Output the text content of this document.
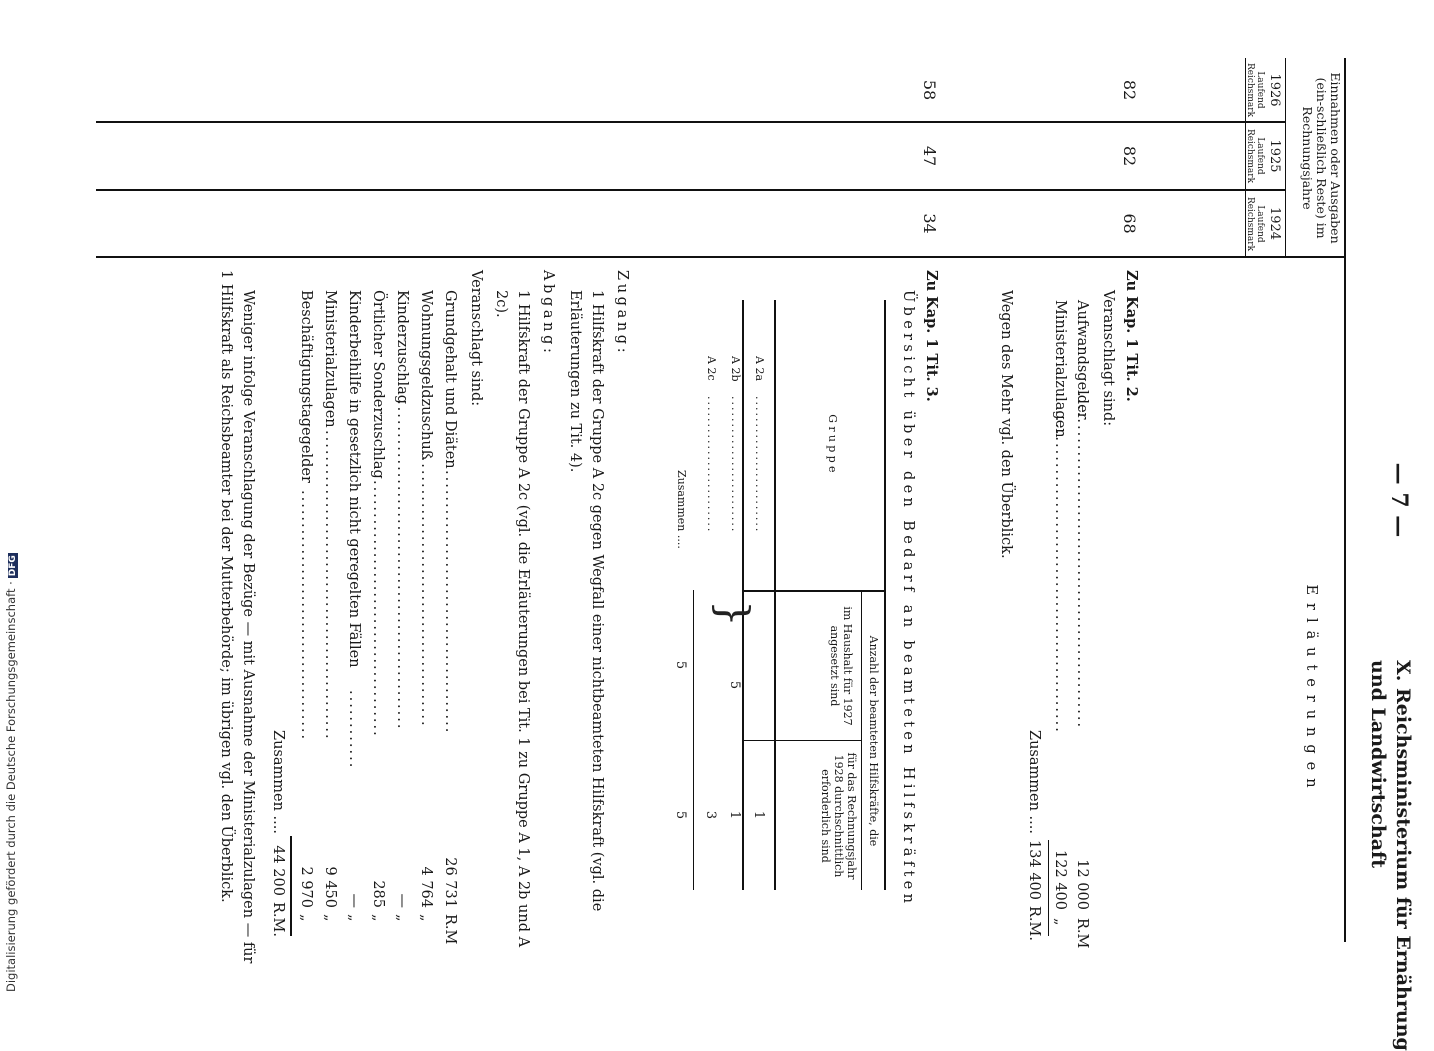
Digitalisierung gefördert durch die Deutsche Forschungsgemeinschaft ·DFG
— 7 —
X. Reichsministerium für Ernährung
und Landwirtschaft
Einnahmen oder Ausgaben (ein-schließlich Reste) im Rechnungsjahre
1926
1925
1924
Laufend Reichsmark
Laufend Reichsmark
Laufend Reichsmark
Erläuterungen
82
82
68
58
47
34
Zu Kap. 1 Tit. 2.
Veranschlagt sind:
Aufwandsgelder
...................................................
12 000
R.M
Ministerialzulagen
.................................................
122 400
„
Zusammen ....
134 400
R.M.
Wegen des Mehr vgl. den Überblick.
Zu Kap. 1 Tit. 3.
Übersicht über den Bedarf an beamteten Hilfskräften
Gruppe
Anzahl der beamteten Hilfskräfte, die
im Haushalt für 1927 angesetzt sind
für das Rechnungsjahr 1928 durchschnittlich erforderlich sind
A 2a
.........................
1
A 2b
.........................
1
A 2c
.........................
3
}
5
Zusammen ....
5
5
Zugang:
1 Hilfskraft der Gruppe A 2c gegen Wegfall einer nichtbeamteten Hilfskraft (vgl. die Erläuterungen zu Tit. 4).
Abgang:
1 Hilfskraft der Gruppe A 2c (vgl. die Erläuterungen bei Tit. 1 zu Gruppe A 1, A 2b und A 2c).
Veranschlagt sind:
Grundgehalt und Diäten
........................................
26 731
R.M
Wohnungsgeldzuschuß
..........................................
4 764
„
Kinderzuschlag
..................................................
—
„
Örtlicher Sonderzuschlag
.......................................
285
„
Kinderbeihilfe in gesetzlich nicht geregelten Fällen
............
—
„
Ministerialzulagen
...............................................
9 450
„
Beschäftigungstagegelder
......................................
2 970
„
Zusammen ....
44 200
R.M.
Weniger infolge Veranschlagung der Bezüge — mit Ausnahme der Ministerialzulagen — für
1 Hilfskraft als Reichsbeamter bei der Mutterbehörde; im übrigen vgl. den Überblick.
